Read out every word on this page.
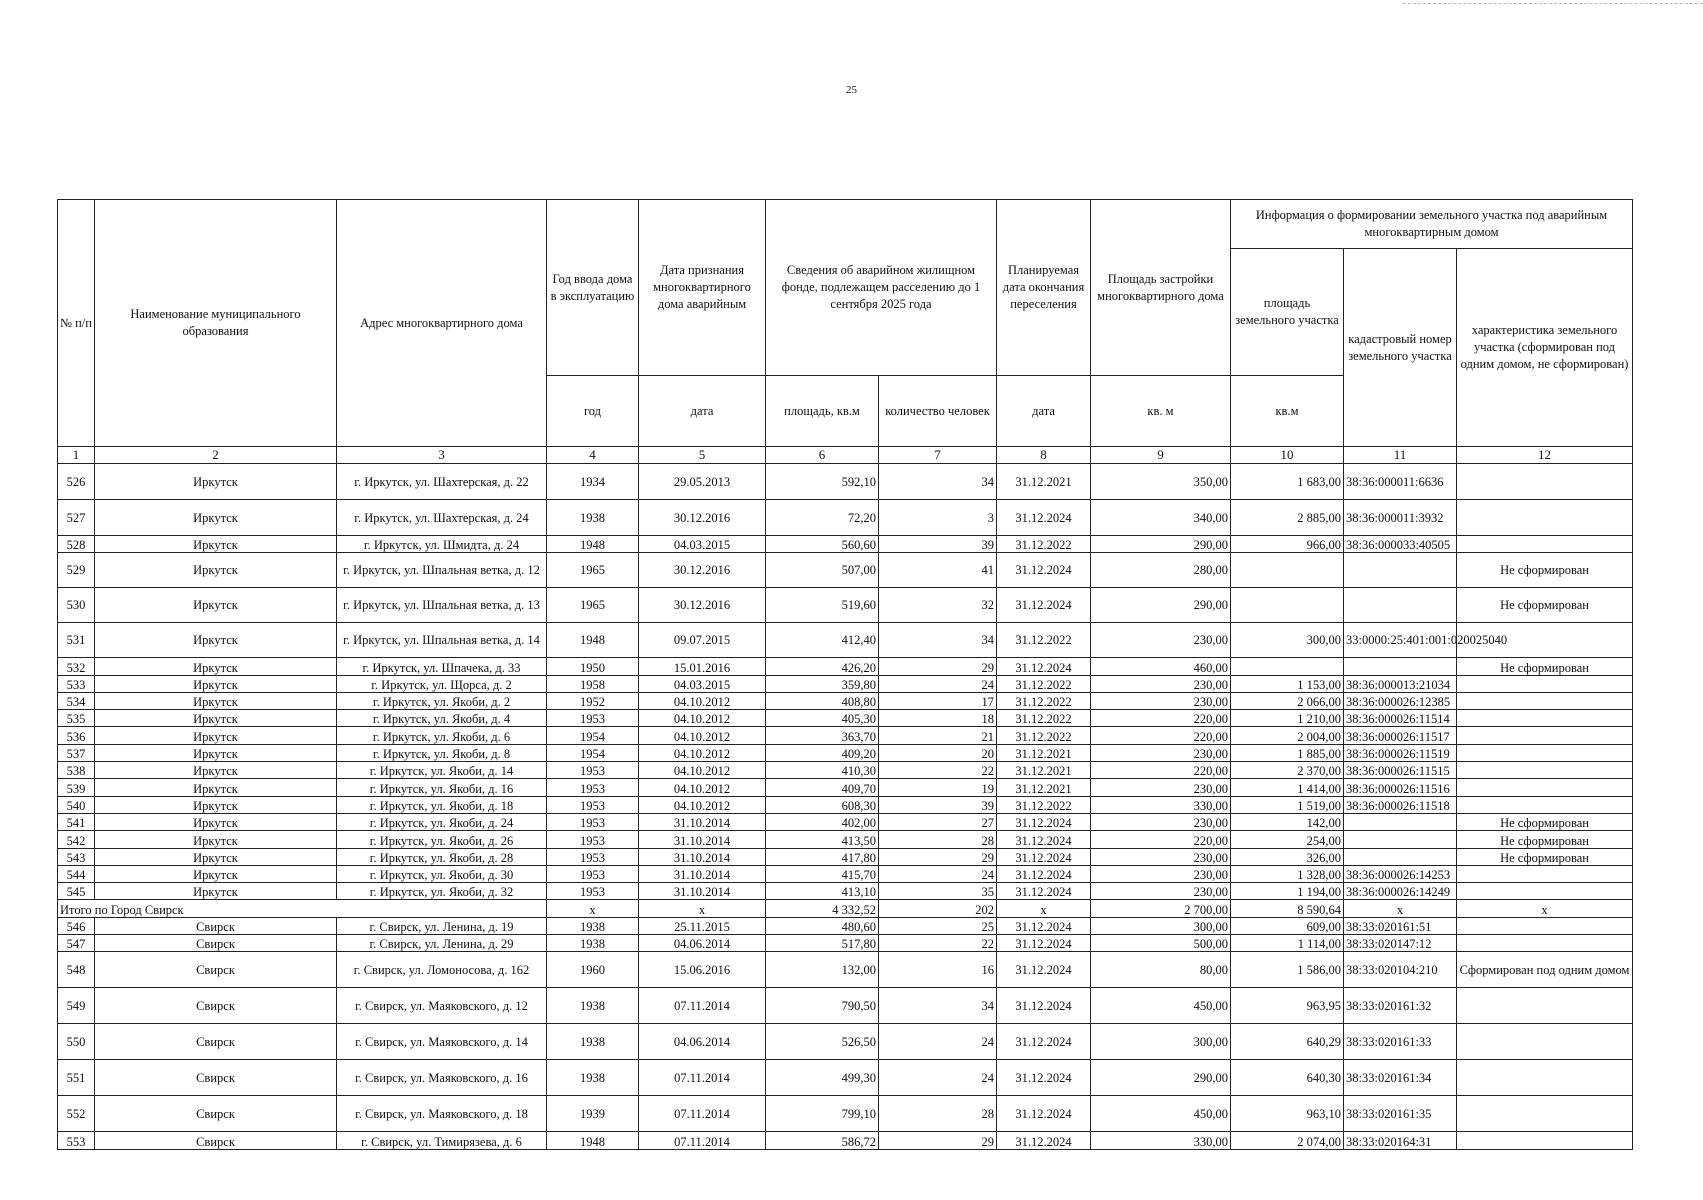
25
№ п/п	Наименование муниципального образования	Адрес многоквартирного дома	Год ввода дома в эксплуатацию	Дата признания многоквартирного дома аварийным	Сведения об аварийном жилищном фонде, подлежащем расселению до 1 сентября 2025 года		Планируемая дата окончания переселения	Площадь застройки многоквартирного дома	Информация о формировании земельного участка под аварийным многоквартирным домом		
									площадь земельного участка	кадастровый номер земельного участка	характеристика земельного участка (сформирован под одним домом, не сформирован)
			год	дата	площадь, кв.м	количество человек	дата	кв. м	кв.м		
1	2	3	4	5	6	7	8	9	10	11	12
526	Иркутск	г. Иркутск, ул. Шахтерская, д. 22	1934	29.05.2013	592,10	34	31.12.2021	350,00	1 683,00	38:36:000011:6636	
527	Иркутск	г. Иркутск, ул. Шахтерская, д. 24	1938	30.12.2016	72,20	3	31.12.2024	340,00	2 885,00	38:36:000011:3932	
528	Иркутск	г. Иркутск, ул. Шмидта, д. 24	1948	04.03.2015	560,60	39	31.12.2022	290,00	966,00	38:36:000033:40505	
529	Иркутск	г. Иркутск, ул. Шпальная ветка, д. 12	1965	30.12.2016	507,00	41	31.12.2024	280,00			Не сформирован
530	Иркутск	г. Иркутск, ул. Шпальная ветка, д. 13	1965	30.12.2016	519,60	32	31.12.2024	290,00			Не сформирован
531	Иркутск	г. Иркутск, ул. Шпальная ветка, д. 14	1948	09.07.2015	412,40	34	31.12.2022	230,00	300,00	33:0000:25:401:001:020025040	
532	Иркутск	г. Иркутск, ул. Шпачека, д. 33	1950	15.01.2016	426,20	29	31.12.2024	460,00			Не сформирован
533	Иркутск	г. Иркутск, ул. Щорса, д. 2	1958	04.03.2015	359,80	24	31.12.2022	230,00	1 153,00	38:36:000013:21034	
534	Иркутск	г. Иркутск, ул. Якоби, д. 2	1952	04.10.2012	408,80	17	31.12.2022	230,00	2 066,00	38:36:000026:12385	
535	Иркутск	г. Иркутск, ул. Якоби, д. 4	1953	04.10.2012	405,30	18	31.12.2022	220,00	1 210,00	38:36:000026:11514	
536	Иркутск	г. Иркутск, ул. Якоби, д. 6	1954	04.10.2012	363,70	21	31.12.2022	220,00	2 004,00	38:36:000026:11517	
537	Иркутск	г. Иркутск, ул. Якоби, д. 8	1954	04.10.2012	409,20	20	31.12.2021	230,00	1 885,00	38:36:000026:11519	
538	Иркутск	г. Иркутск, ул. Якоби, д. 14	1953	04.10.2012	410,30	22	31.12.2021	220,00	2 370,00	38:36:000026:11515	
539	Иркутск	г. Иркутск, ул. Якоби, д. 16	1953	04.10.2012	409,70	19	31.12.2021	230,00	1 414,00	38:36:000026:11516	
540	Иркутск	г. Иркутск, ул. Якоби, д. 18	1953	04.10.2012	608,30	39	31.12.2022	330,00	1 519,00	38:36:000026:11518	
541	Иркутск	г. Иркутск, ул. Якоби, д. 24	1953	31.10.2014	402,00	27	31.12.2024	230,00	142,00		Не сформирован
542	Иркутск	г. Иркутск, ул. Якоби, д. 26	1953	31.10.2014	413,50	28	31.12.2024	220,00	254,00		Не сформирован
543	Иркутск	г. Иркутск, ул. Якоби, д. 28	1953	31.10.2014	417,80	29	31.12.2024	230,00	326,00		Не сформирован
544	Иркутск	г. Иркутск, ул. Якоби, д. 30	1953	31.10.2014	415,70	24	31.12.2024	230,00	1 328,00	38:36:000026:14253	
545	Иркутск	г. Иркутск, ул. Якоби, д. 32	1953	31.10.2014	413,10	35	31.12.2024	230,00	1 194,00	38:36:000026:14249	
Итого по Город Свирск			x	x	4 332,52	202	x	2 700,00	8 590,64	x	x
546	Свирск	г. Свирск, ул. Ленина, д. 19	1938	25.11.2015	480,60	25	31.12.2024	300,00	609,00	38:33:020161:51	
547	Свирск	г. Свирск, ул. Ленина, д. 29	1938	04.06.2014	517,80	22	31.12.2024	500,00	1 114,00	38:33:020147:12	
548	Свирск	г. Свирск, ул. Ломоносова, д. 162	1960	15.06.2016	132,00	16	31.12.2024	80,00	1 586,00	38:33:020104:210	Сформирован под одним домом
549	Свирск	г. Свирск, ул. Маяковского, д. 12	1938	07.11.2014	790,50	34	31.12.2024	450,00	963,95	38:33:020161:32	
550	Свирск	г. Свирск, ул. Маяковского, д. 14	1938	04.06.2014	526,50	24	31.12.2024	300,00	640,29	38:33:020161:33	
551	Свирск	г. Свирск, ул. Маяковского, д. 16	1938	07.11.2014	499,30	24	31.12.2024	290,00	640,30	38:33:020161:34	
552	Свирск	г. Свирск, ул. Маяковского, д. 18	1939	07.11.2014	799,10	28	31.12.2024	450,00	963,10	38:33:020161:35	
553	Свирск	г. Свирск, ул. Тимирязева, д. 6	1948	07.11.2014	586,72	29	31.12.2024	330,00	2 074,00	38:33:020164:31	
